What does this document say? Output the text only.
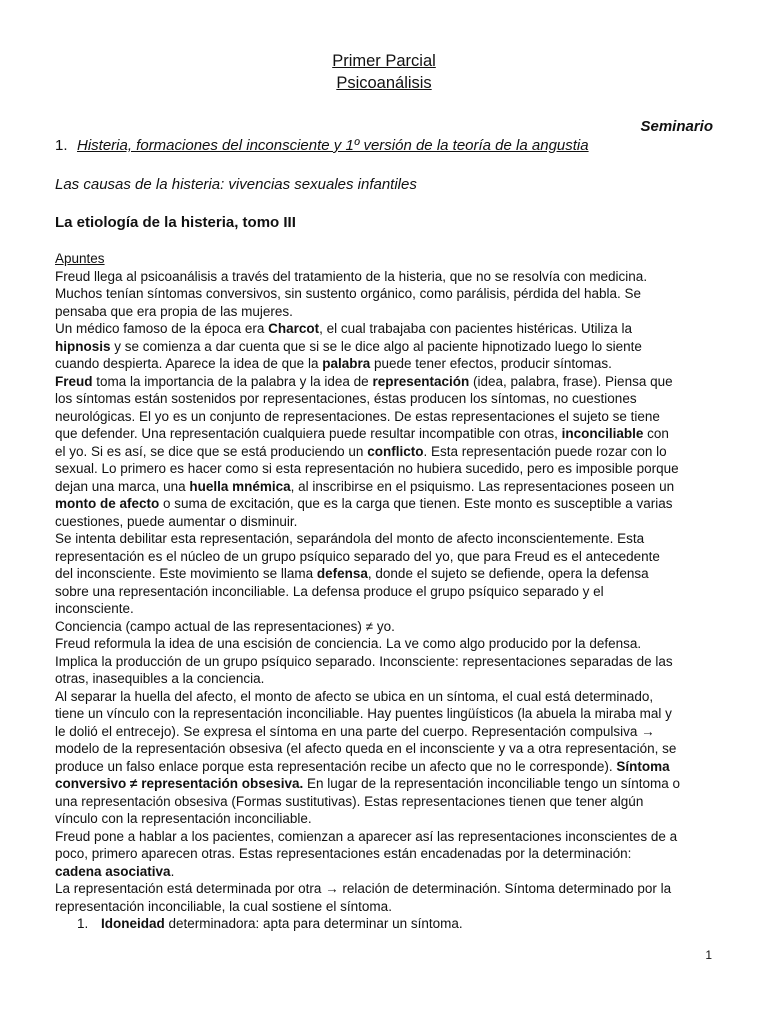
Primer Parcial
Psicoanálisis
Seminario
1. Histeria, formaciones del inconsciente y 1º versión de la teoría de la angustia
Las causas de la histeria: vivencias sexuales infantiles
La etiología de la histeria, tomo III
Apuntes
Freud llega al psicoanálisis a través del tratamiento de la histeria, que no se resolvía con medicina.
Muchos tenían síntomas conversivos, sin sustento orgánico, como parálisis, pérdida del habla. Se
pensaba que era propia de las mujeres.
Un médico famoso de la época era Charcot, el cual trabajaba con pacientes histéricas. Utiliza la
hipnosis y se comienza a dar cuenta que si se le dice algo al paciente hipnotizado luego lo siente
cuando despierta. Aparece la idea de que la palabra puede tener efectos, producir síntomas.
Freud toma la importancia de la palabra y la idea de representación (idea, palabra, frase). Piensa que
los síntomas están sostenidos por representaciones, éstas producen los síntomas, no cuestiones
neurológicas. El yo es un conjunto de representaciones. De estas representaciones el sujeto se tiene
que defender. Una representación cualquiera puede resultar incompatible con otras, inconciliable con
el yo. Si es así, se dice que se está produciendo un conflicto. Esta representación puede rozar con lo
sexual. Lo primero es hacer como si esta representación no hubiera sucedido, pero es imposible porque
dejan una marca, una huella mnémica, al inscribirse en el psiquismo. Las representaciones poseen un
monto de afecto o suma de excitación, que es la carga que tienen. Este monto es susceptible a varias
cuestiones, puede aumentar o disminuir.
Se intenta debilitar esta representación, separándola del monto de afecto inconscientemente. Esta
representación es el núcleo de un grupo psíquico separado del yo, que para Freud es el antecedente
del inconsciente. Este movimiento se llama defensa, donde el sujeto se defiende, opera la defensa
sobre una representación inconciliable. La defensa produce el grupo psíquico separado y el
inconsciente.
Conciencia (campo actual de las representaciones) ≠ yo.
Freud reformula la idea de una escisión de conciencia. La ve como algo producido por la defensa.
Implica la producción de un grupo psíquico separado. Inconsciente: representaciones separadas de las
otras, inasequibles a la conciencia.
Al separar la huella del afecto, el monto de afecto se ubica en un síntoma, el cual está determinado,
tiene un vínculo con la representación inconciliable. Hay puentes lingüísticos (la abuela la miraba mal y
le dolió el entrecejo). Se expresa el síntoma en una parte del cuerpo. Representación compulsiva →
modelo de la representación obsesiva (el afecto queda en el inconsciente y va a otra representación, se
produce un falso enlace porque esta representación recibe un afecto que no le corresponde). Síntoma
conversivo ≠ representación obsesiva. En lugar de la representación inconciliable tengo un síntoma o
una representación obsesiva (Formas sustitutivas). Estas representaciones tienen que tener algún
vínculo con la representación inconciliable.
Freud pone a hablar a los pacientes, comienzan a aparecer así las representaciones inconscientes de a
poco, primero aparecen otras. Estas representaciones están encadenadas por la determinación:
cadena asociativa.
La representación está determinada por otra → relación de determinación. Síntoma determinado por la
representación inconciliable, la cual sostiene el síntoma.
1. Idoneidad determinadora: apta para determinar un síntoma.
1
